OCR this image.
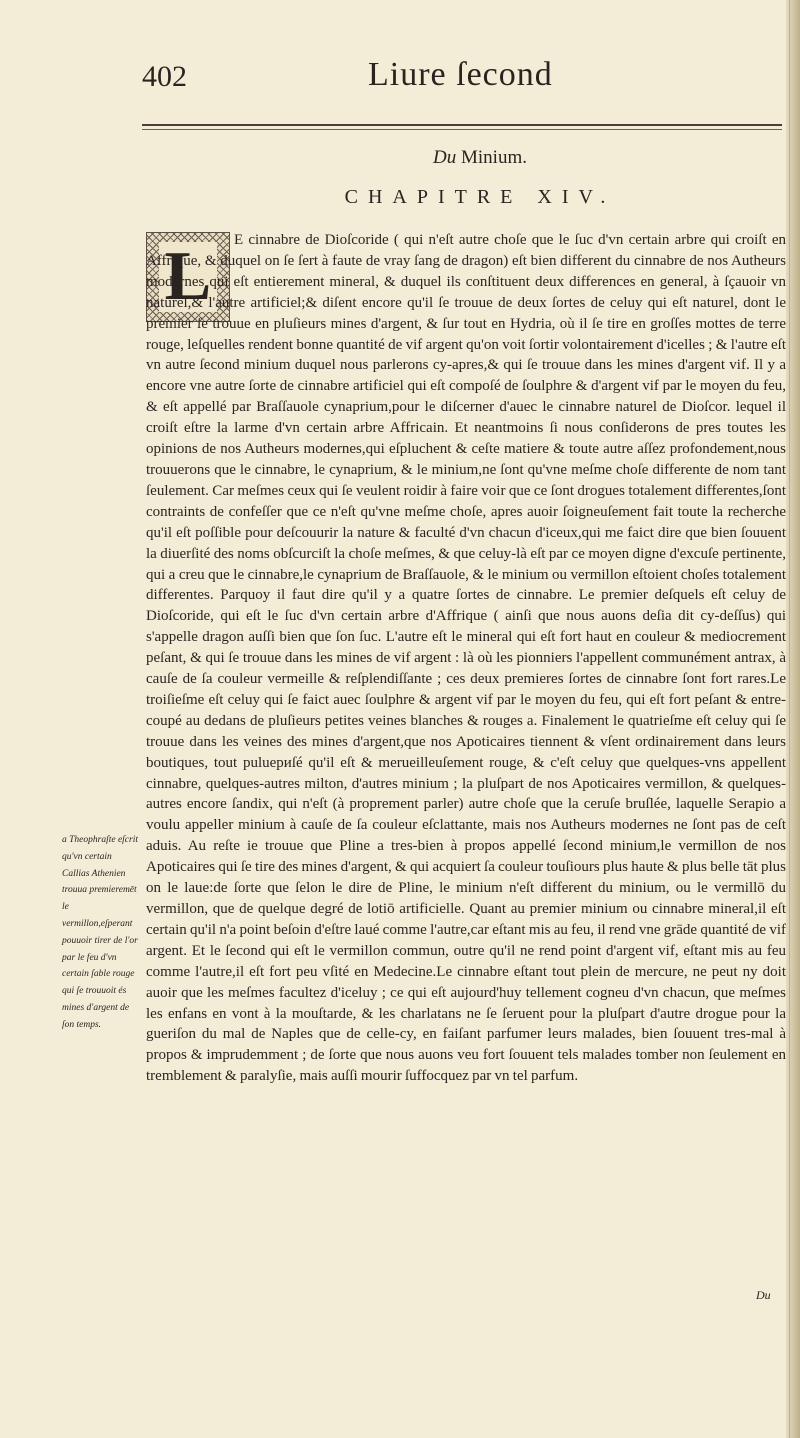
402	Liure ſecond
Du Minium.
CHAPITRE XIV.
L	E cinnabre de Dioſcoride ( qui n'eſt autre choſe que le ſuc d'vn certain arbre qui croiſt en Affrique, & duquel on ſe ſert à faute de vray ſang de dragon) eſt bien different du cinnabre de nos Autheurs modernes qui eſt entierement mineral, & duquel ils conſtituent deux differences en general, à ſçauoir vn naturel,& l'autre artificiel;& diſent encore qu'il ſe trouue de deux ſortes de celuy qui eſt naturel, dont le premier ſe trouue en pluſieurs mines d'argent, & ſur tout en Hydria, où il ſe tire en groſſes mottes de terre rouge, leſquelles rendent bonne quantité de vif argent qu'on voit ſortir volontairement d'icelles ; & l'autre eſt vn autre ſecond minium duquel nous parlerons cy-apres,& qui ſe trouue dans les mines d'argent vif. Il y a encore vne autre ſorte de cinnabre artificiel qui eſt compoſé de ſoulphre & d'argent vif par le moyen du feu, & eſt appellé par Braſſauole cynaprium,pour le diſcerner d'auec le cinnabre naturel de Dioſcor. lequel il croiſt eſtre la larme d'vn certain arbre Affricain. Et neantmoins ſi nous conſiderons de pres toutes les opinions de nos Autheurs modernes,qui eſpluchent & ceſte matiere & toute autre aſſez profondement,nous trouuerons que le cinnabre, le cynaprium, & le minium,ne ſont qu'vne meſme choſe differente de nom tant ſeulement. Car meſmes ceux qui ſe veulent roidir à faire voir que ce ſont drogues totalement differentes,ſont contraints de confeſſer que ce n'eſt qu'vne meſme choſe, apres auoir ſoigneuſement fait toute la recherche qu'il eſt poſſible pour deſcouurir la nature & faculté d'vn chacun d'iceux,qui me faict dire que bien ſouuent la diuerſité des noms obſcurciſt la choſe meſmes, & que celuy-là eſt par ce moyen digne d'excuſe pertinente, qui a creu que le cinnabre,le cynaprium de Braſſauole, & le minium ou vermillon eſtoient choſes totalement differentes. Parquoy il faut dire qu'il y a quatre ſortes de cinnabre. Le premier deſquels eſt celuy de Dioſcoride, qui eſt le ſuc d'vn certain arbre d'Affrique ( ainſi que nous auons deſia dit cy-deſſus) qui s'appelle dragon auſſi bien que ſon ſuc. L'autre eſt le mineral qui eſt fort haut en couleur & mediocrement peſant, & qui ſe trouue dans les mines de vif argent : là où les pionniers l'appellent communément antrax, à cauſe de ſa couleur vermeille & reſplendiſſante ; ces deux premieres ſortes de cinnabre ſont fort rares.Le troiſieſme eſt celuy qui ſe faict auec ſoulphre & argent vif par le moyen du feu, qui eſt fort peſant & entre-coupé au dedans de pluſieurs petites veines blanches & rouges a. Finalement le quatrieſme eſt celuy qui ſe trouue dans les veines des mines d'argent,que nos Apoticaires tiennent & vſent ordinairement dans leurs boutiques, tout puluериſé qu'il eſt & merueilleuſement rouge, & c'eſt celuy que quelques-vns appellent cinnabre, quelques-autres milton, d'autres minium ; la pluſpart de nos Apoticaires vermillon, & quelques-autres encore ſandix, qui n'eſt (à proprement parler) autre choſe que la ceruſe bruſlée, laquelle Serapio a voulu appeller minium à cauſe de ſa couleur eſclattante, mais nos Autheurs modernes ne ſont pas de ceſt aduis. Au reſte ie trouue que Pline a tres-bien à propos appellé ſecond minium,le vermillon de nos Apoticaires qui ſe tire des mines d'argent, & qui acquiert ſa couleur touſiours plus haute & plus belle tāt plus on le laue:de ſorte que ſelon le dire de Pline, le minium n'eſt different du minium, ou le vermillō du vermillon, que de quelque degré de lotiō artificielle. Quant au premier minium ou cinnabre mineral,il eſt certain qu'il n'a point beſoin d'eſtre laué comme l'autre,car eſtant mis au feu, il rend vne grāde quantité de vif argent. Et le ſecond qui eſt le vermillon commun, outre qu'il ne rend point d'argent vif, eſtant mis au feu comme l'autre,il eſt fort peu vſité en Medecine.Le cinnabre eſtant tout plein de mercure, ne peut ny doit auoir que les meſmes facultez d'iceluy ; ce qui eſt aujourd'huy tellement cogneu d'vn chacun, que meſmes les enfans en vont à la mouſtarde, & les charlatans ne ſe ſeruent pour la pluſpart d'autre drogue pour la gueriſon du mal de Naples que de celle-cy, en faiſant parfumer leurs malades, bien ſouuent tres-mal à propos & imprudemment ; de ſorte que nous auons veu fort ſouuent tels malades tomber non ſeulement en tremblement & paralyſie, mais auſſi mourir ſuffocquez par vn tel parfum.
a Theophraſte eſcrit qu'vn certain Callias Athenien trouua premieremēt le vermillon,eſperant pouuoir tirer de l'or par le feu d'vn certain ſable rouge qui ſe trouuoit és mines d'argent de ſon temps.
Du
